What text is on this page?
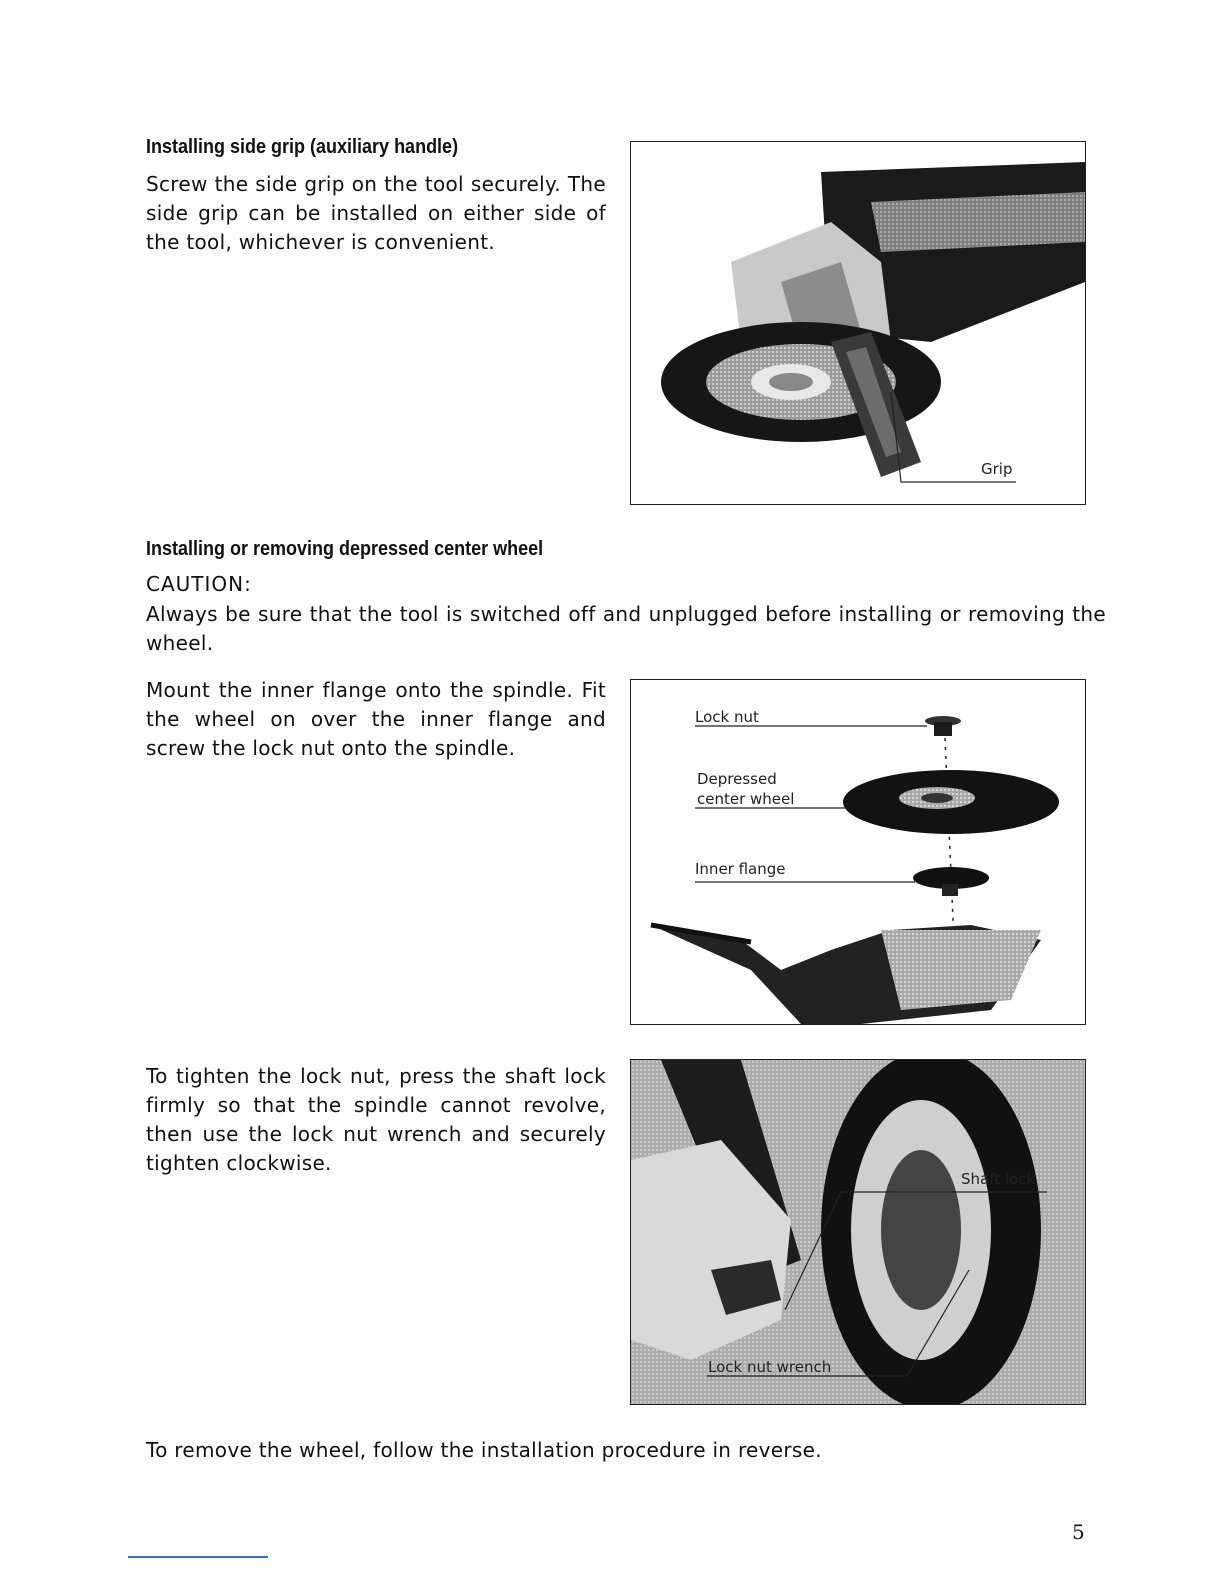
Installing side grip (auxiliary handle)
Screw the side grip on the tool securely. The side grip can be installed on either side of the tool, whichever is convenient.
Grip
Installing or removing depressed center wheel
CAUTION:
Always be sure that the tool is switched off and unplugged before installing or removing the wheel.
Mount the inner flange onto the spindle. Fit the wheel on over the inner flange and screw the lock nut onto the spindle.
Lock nut
Depressed
center wheel
Inner flange
To tighten the lock nut, press the shaft lock firmly so that the spindle cannot revolve, then use the lock nut wrench and securely tighten clockwise.
Shaft lock
Lock nut wrench
To remove the wheel, follow the installation procedure in reverse.
5
